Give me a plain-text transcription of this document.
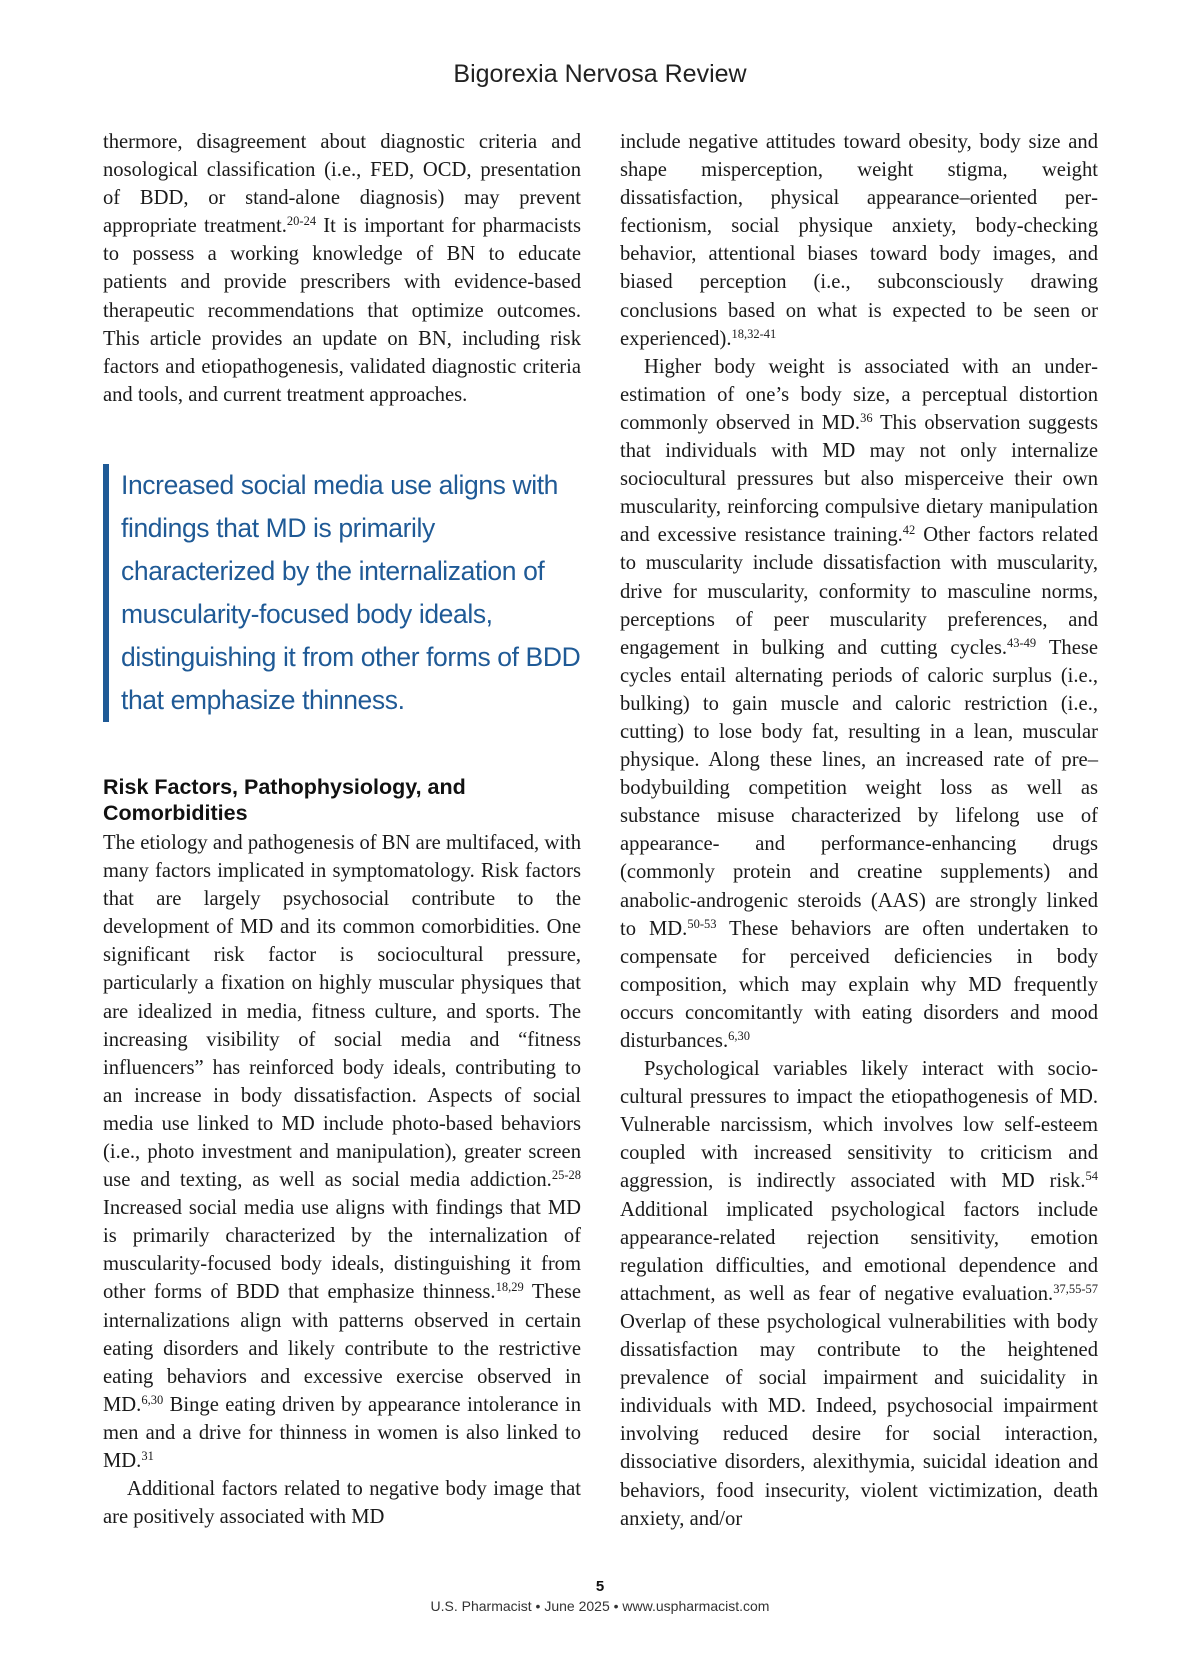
Bigorexia Nervosa Review

thermore, disagreement about diagnostic criteria and nosological classification (i.e., FED, OCD, presentation of BDD, or stand-alone diagnosis) may prevent appropriate treatment.$^{20-24}$ It is important for pharmacists to possess a working knowledge of BN to educate patients and provide prescribers with evidence-based therapeutic recommendations that optimize outcomes. This article provides an update on BN, including risk factors and etiopathogenesis, validated diagnostic criteria and tools, and current treatment approaches.

Increased social media use aligns with findings that MD is primarily characterized by the internalization of muscularity-focused body ideals, distinguishing it from other forms of BDD that emphasize thinness.
Risk Factors, Pathophysiology, and Comorbidities

The etiology and pathogenesis of BN are multifaced, with many factors implicated in symptomatology. Risk factors that are largely psychosocial contribute to the development of MD and its common comorbidities. One significant risk factor is sociocultural pressure, particularly a fixation on highly muscular physiques that are idealized in media, fitness culture, and sports. The increasing visibility of social media and “fitness influencers” has reinforced body ideals, contributing to an increase in body dissatisfaction. Aspects of social media use linked to MD include photo-based behaviors (i.e., photo investment and manipulation), greater screen use and texting, as well as social media addiction.$^{25-28}$ Increased social media use aligns with findings that MD is primarily characterized by the internalization of muscularity-focused body ideals, distinguishing it from other forms of BDD that emphasize thinness.$^{18,29}$ These internalizations align with patterns observed in certain eating disorders and likely contribute to the restrictive eating behaviors and excessive exercise observed in MD.$^{6,30}$ Binge eating driven by appearance intolerance in men and a drive for thinness in women is also linked to MD.$^{31}$

Additional factors related to negative body image that are positively associated with MD

include negative attitudes toward obesity, body size and shape misperception, weight stigma, weight dissatisfaction, physical appearance–oriented perfectionism, social physique anxiety, body-checking behavior, attentional biases toward body images, and biased perception (i.e., subconsciously drawing conclusions based on what is expected to be seen or experienced).$^{18,32-41}$

Higher body weight is associated with an underestimation of one’s body size, a perceptual distortion commonly observed in MD.$^{36}$ This observation suggests that individuals with MD may not only internalize sociocultural pressures but also misperceive their own muscularity, reinforcing compulsive dietary manipulation and excessive resistance training.$^{42}$ Other factors related to muscularity include dissatisfaction with muscularity, drive for muscularity, conformity to masculine norms, perceptions of peer muscularity preferences, and engagement in bulking and cutting cycles.$^{43-49}$ These cycles entail alternating periods of caloric surplus (i.e., bulking) to gain muscle and caloric restriction (i.e., cutting) to lose body fat, resulting in a lean, muscular physique. Along these lines, an increased rate of pre–bodybuilding competition weight loss as well as substance misuse characterized by lifelong use of appearance- and performance-enhancing drugs (commonly protein and creatine supplements) and anabolic-androgenic steroids (AAS) are strongly linked to MD.$^{50-53}$ These behaviors are often undertaken to compensate for perceived deficiencies in body composition, which may explain why MD frequently occurs concomitantly with eating disorders and mood disturbances.$^{6,30}$

Psychological variables likely interact with sociocultural pressures to impact the etiopathogenesis of MD. Vulnerable narcissism, which involves low self-esteem coupled with increased sensitivity to criticism and aggression, is indirectly associated with MD risk.$^{54}$ Additional implicated psychological factors include appearance-related rejection sensitivity, emotion regulation difficulties, and emotional dependence and attachment, as well as fear of negative evaluation.$^{37,55-57}$ Overlap of these psychological vulnerabilities with body dissatisfaction may contribute to the heightened prevalence of social impairment and suicidality in individuals with MD. Indeed, psychosocial impairment involving reduced desire for social interaction, dissociative disorders, alexithymia, suicidal ideation and behaviors, food insecurity, violent victimization, death anxiety, and/or

5
U.S. Pharmacist • June 2025 • www.uspharmacist.com
